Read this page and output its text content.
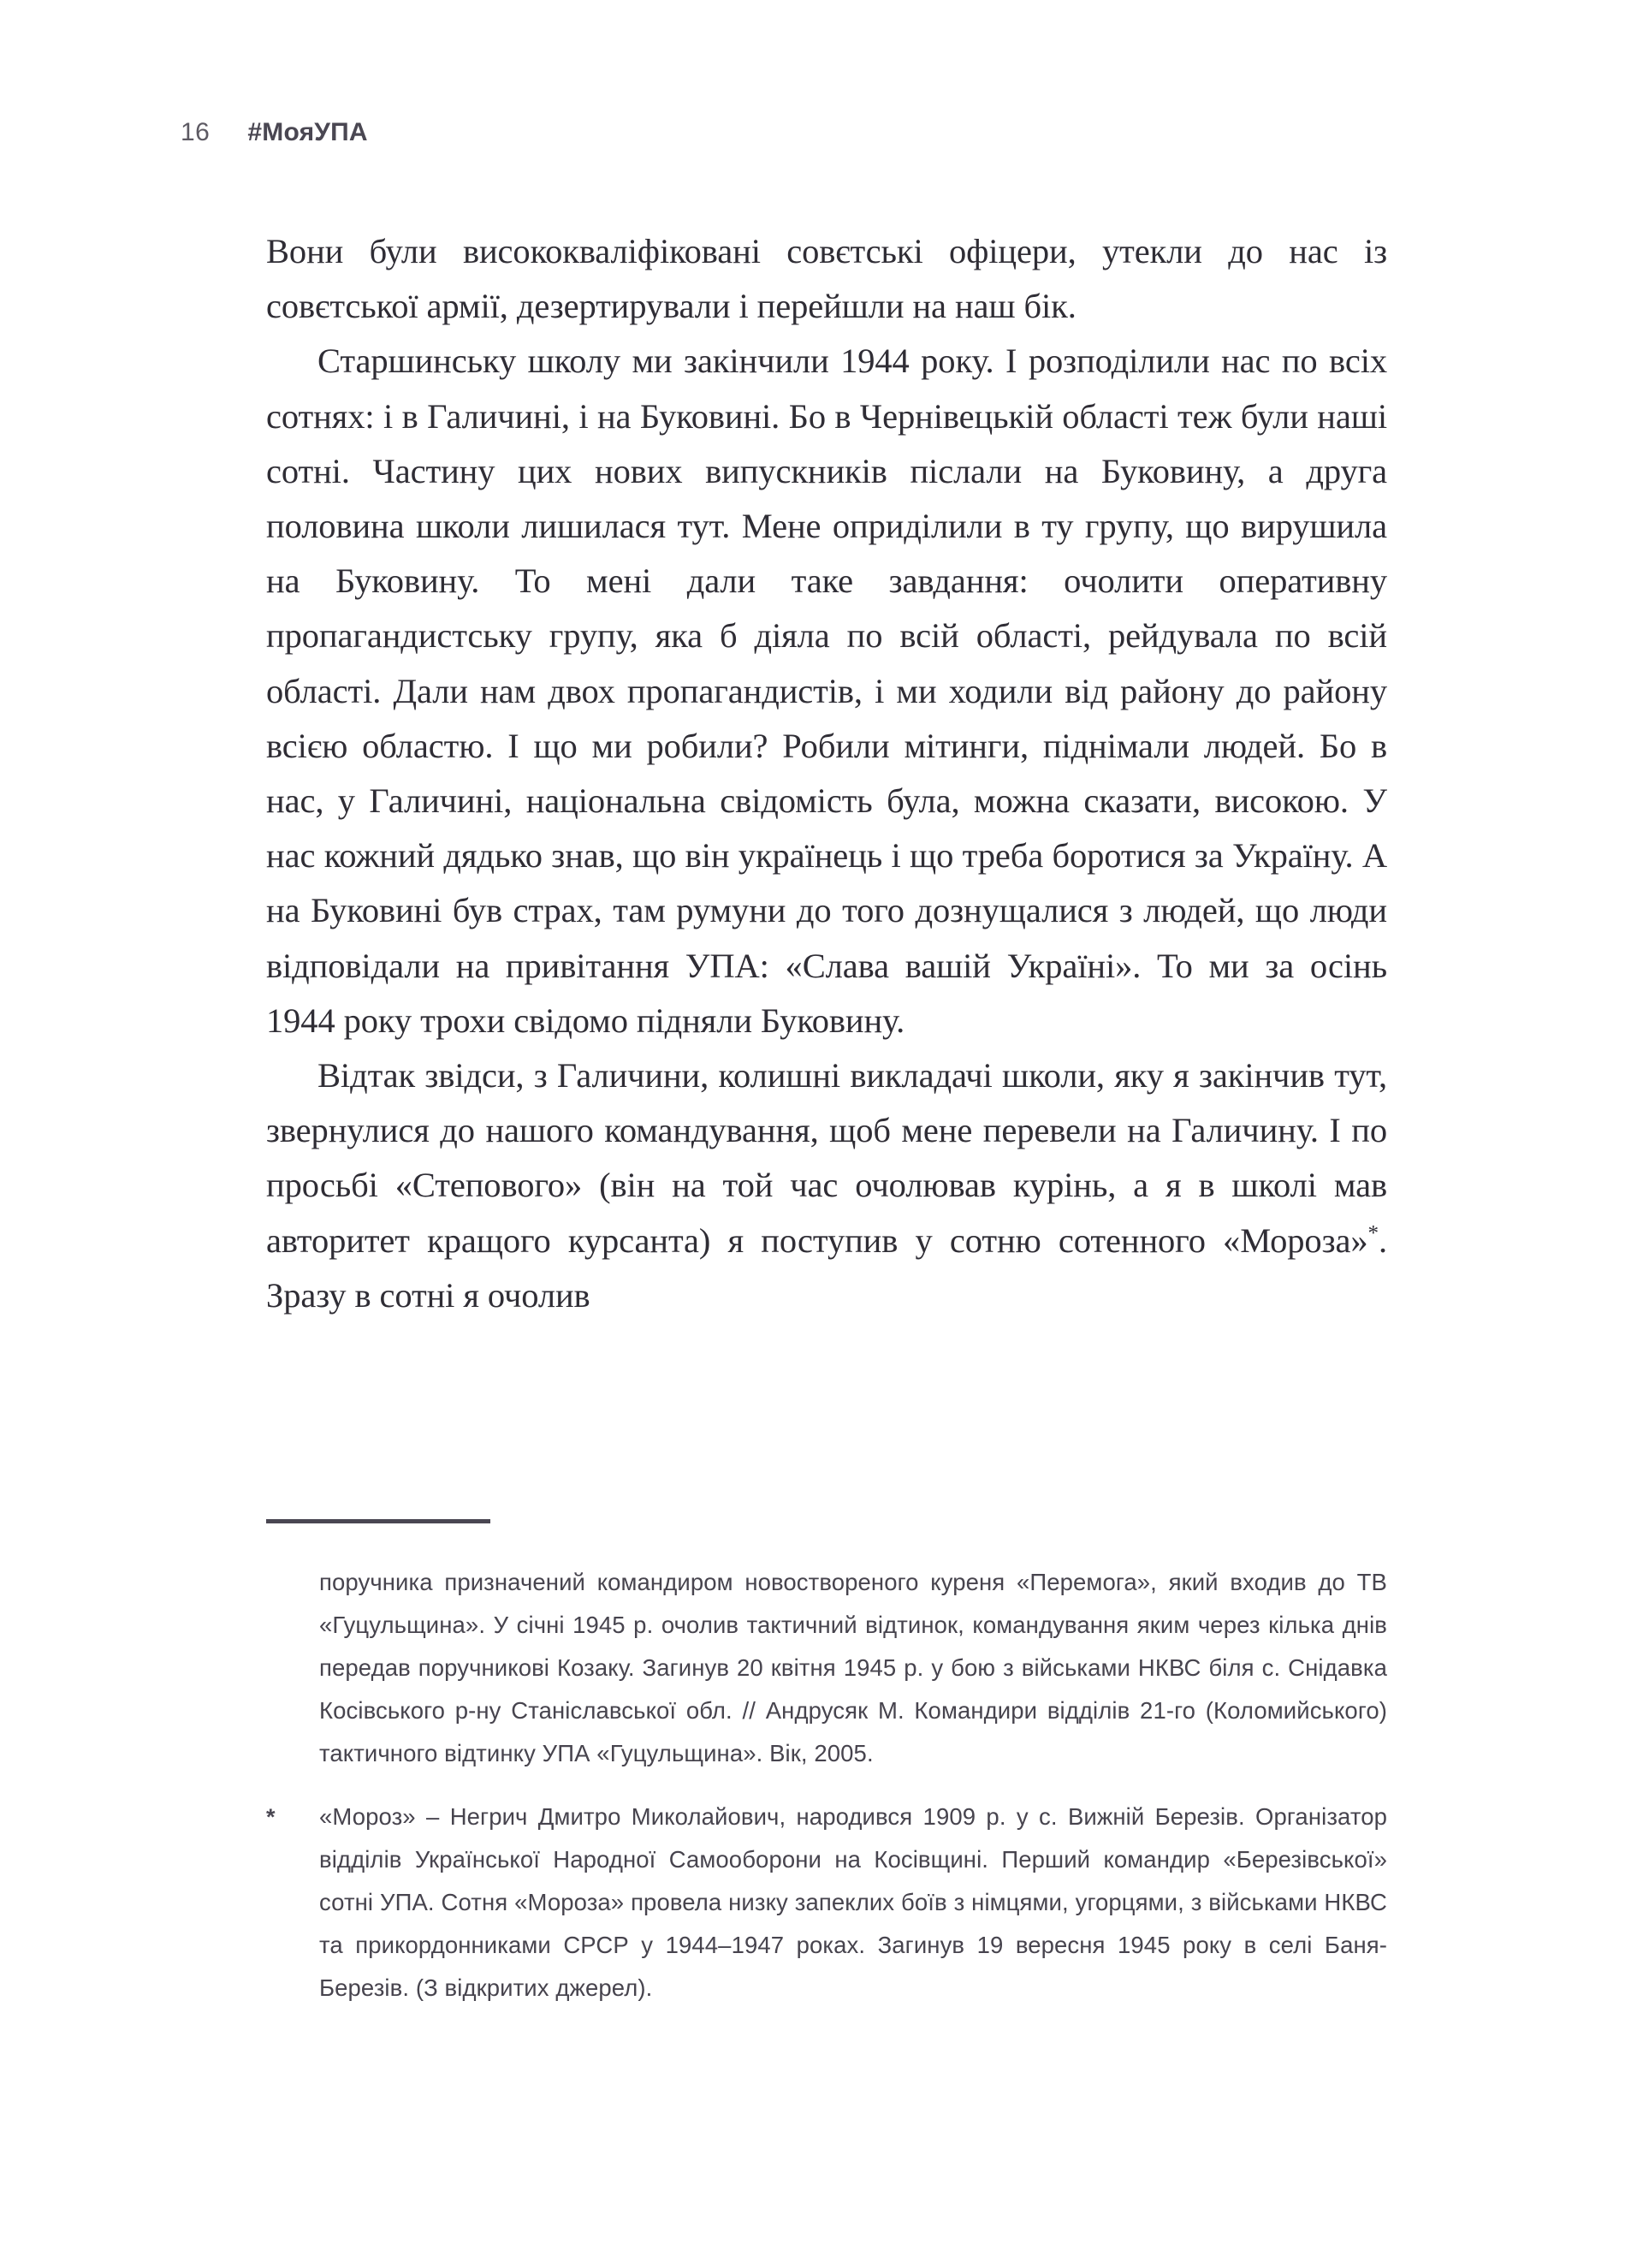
16 #МояУПА

Вони були висококваліфіковані совєтські офіцери, утекли до нас із совєтської армії, дезертирували і перейшли на наш бік.

Старшинську школу ми закінчили 1944 року. І розподілили нас по всіх сотнях: і в Галичині, і на Буковині. Бо в Чернівецькій області теж були наші сотні. Частину цих нових випускників післали на Буковину, а друга половина школи лишилася тут. Мене оприділили в ту групу, що вирушила на Буковину. То мені дали таке завдання: очолити оперативну пропагандистську групу, яка б діяла по всій області, рейдувала по всій області. Дали нам двох пропагандистів, і ми ходили від району до району всією областю. І що ми робили? Робили мітинги, піднімали людей. Бо в нас, у Галичині, національна свідомість була, можна сказати, високою. У нас кожний дядько знав, що він українець і що треба боротися за Україну. А на Буковині був страх, там румуни до того дознущалися з людей, що люди відповідали на привітання УПА: «Слава вашій Україні». То ми за осінь 1944 року трохи свідомо підняли Буковину.

Відтак звідси, з Галичини, колишні викладачі школи, яку я закінчив тут, звернулися до нашого командування, щоб мене перевели на Галичину. І по просьбі «Степового» (він на той час очолював курінь, а я в школі мав авторитет кращого курсанта) я поступив у сотню сотенного «Мороза»*. Зразу в сотні я очолив

поручника призначений командиром новоствореного куреня «Перемога», який входив до ТВ «Гуцульщина». У січні 1945 р. очолив тактичний відтинок, командування яким через кілька днів передав поручникові Козаку. Загинув 20 квітня 1945 р. у бою з військами НКВС біля с. Снідавка Косівського р-ну Станіславської обл. // Андрусяк М. Командири відділів 21-го (Коломийського) тактичного відтинку УПА «Гуцульщина». Вік, 2005.
*	«Мороз» – Негрич Дмитро Миколайович, народився 1909 р. у с. Вижній Березів. Організатор відділів Української Народної Самооборони на Косівщині. Перший командир «Березівської» сотні УПА. Сотня «Мороза» провела низку запеклих боїв з німцями, угорцями, з військами НКВС та прикордонниками СРСР у 1944–1947 роках. Загинув 19 вересня 1945 року в селі Баня-Березів. (З відкритих джерел).
